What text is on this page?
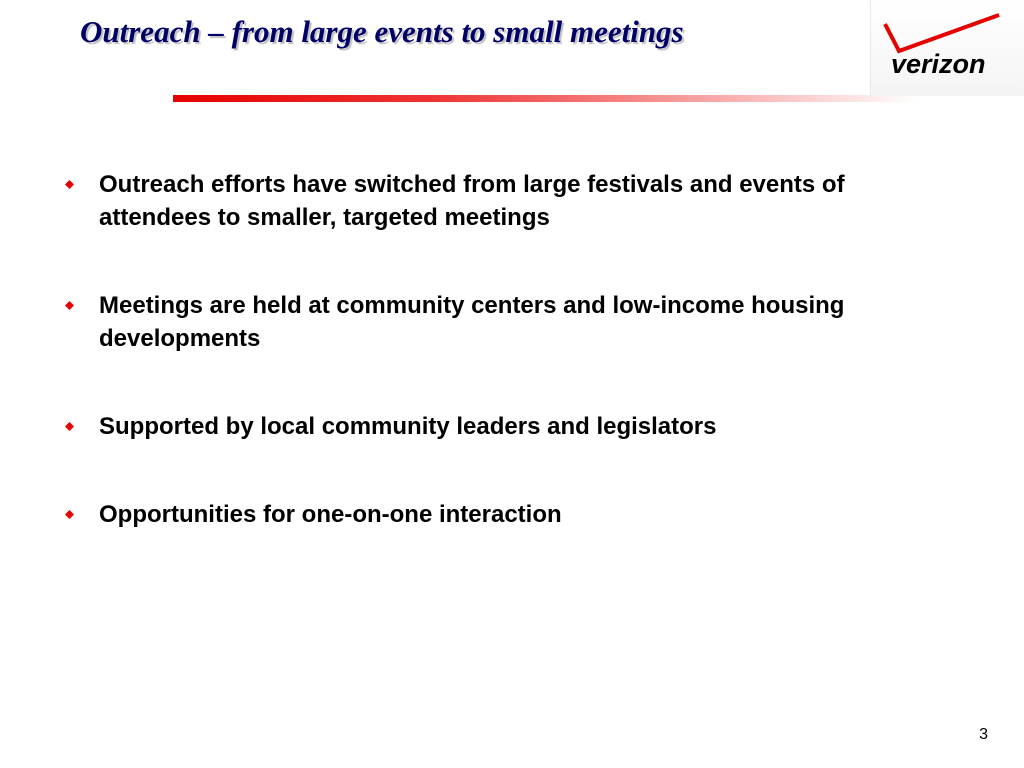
Outreach – from large events to small meetings
verizon
Outreach efforts have switched from large festivals and events of attendees to smaller, targeted meetings
Meetings are held at community centers and low-income housing developments
Supported by local community leaders and legislators
Opportunities for one-on-one interaction
3
